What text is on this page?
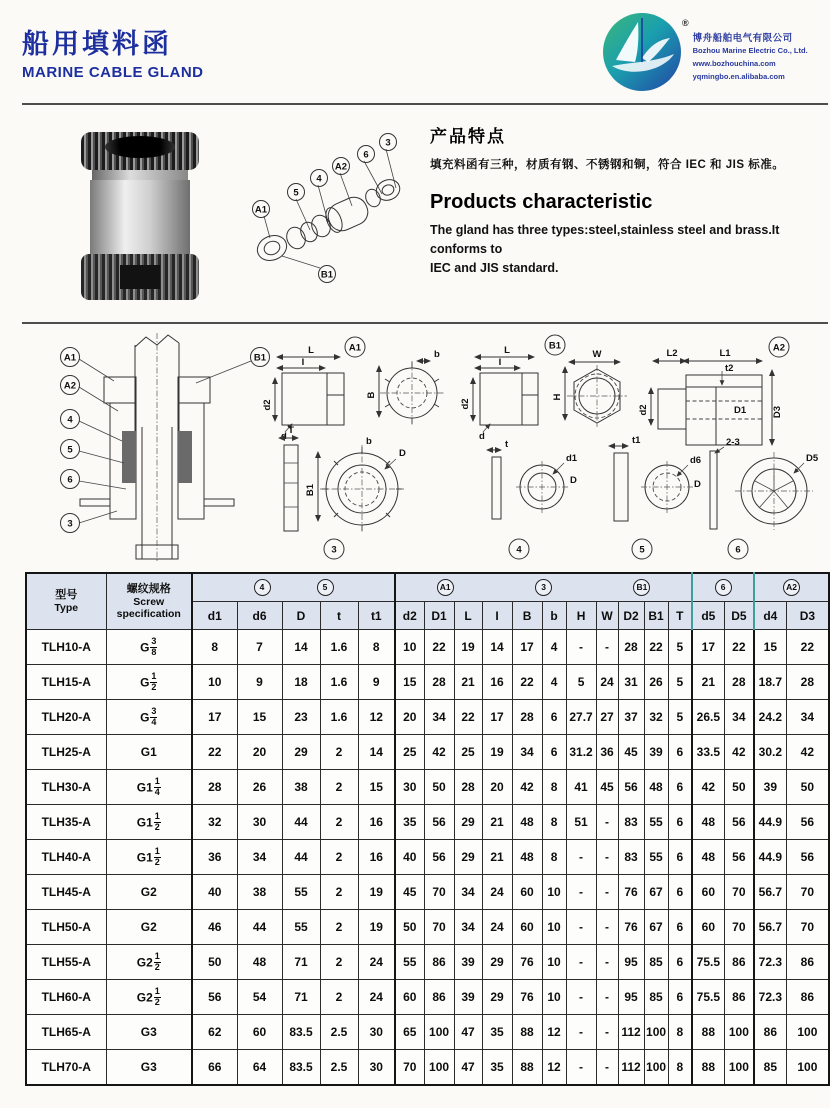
船用填料函
MARINE CABLE GLAND
®
博舟船舶电气有限公司
Bozhou Marine Electric Co., Ltd.
www.bozhouchina.com
yqmingbo.en.alibaba.com
3
6
A2
4
5
A1
B1
产品特点

填充料函有三种，材质有钢、不锈钢和铜，符合 IEC 和 JIS 标准。

Products characteristic

The gland has three types:steel,stainless steel and brass.It conforms to
IEC and JIS standard.

A1
A2
4
5
6
3
B1
A1
L
I
d2
d
b
B
T
B1
D
b
3
B1
L
I
d2
d
W
H
t
d1
D
4
t1
d6
D
5
A2
L2	L1
t2
d2	D1	D3
2-3
D5
6
型号
Type

螺纹规格
Screw
specification

4	5	A1	3	B1	6	A2

		d1	d6	D	t	t1	d2	D1	L	I	B	b	H	W	D2	B1	T	d5	D5	d4	D3
TLH10-A	G $\frac{3}{8}$	8	7	14	1.6	8	10	22	19	14	17	4	-	-	28	22	5	17	22	15	22
TLH15-A	G $\frac{1}{2}$	10	9	18	1.6	9	15	28	21	16	22	4	5	24	31	26	5	21	28	18.7	28
TLH20-A	G $\frac{3}{4}$	17	15	23	1.6	12	20	34	22	17	28	6	27.7	27	37	32	5	26.5	34	24.2	34
TLH25-A	G1	22	20	29	2	14	25	42	25	19	34	6	31.2	36	45	39	6	33.5	42	30.2	42
TLH30-A	$G1 \frac{1}{4}$	28	26	38	2	15	30	50	28	20	42	8	41	45	56	48	6	42	50	39	50
TLH35-A	$G1 \frac{1}{2}$	32	30	44	2	16	35	56	29	21	48	8	51	-	83	55	6	48	56	44.9	56
TLH40-A	$G1 \frac{1}{2}$	36	34	44	2	16	40	56	29	21	48	8	-	-	83	55	6	48	56	44.9	56
TLH45-A	G2	40	38	55	2	19	45	70	34	24	60	10	-	-	76	67	6	60	70	56.7	70
TLH50-A	G2	46	44	55	2	19	50	70	34	24	60	10	-	-	76	67	6	60	70	56.7	70
TLH55-A	$G2 \frac{1}{2}$	50	48	71	2	24	55	86	39	29	76	10	-	-	95	85	6	75.5	86	72.3	86
TLH60-A	$G2 \frac{1}{2}$	56	54	71	2	24	60	86	39	29	76	10	-	-	95	85	6	75.5	86	72.3	86
TLH65-A	G3	62	60	83.5	2.5	30	65	100	47	35	88	12	-	-	112	100	8	88	100	86	100
TLH70-A	G3	66	64	83.5	2.5	30	70	100	47	35	88	12	-	-	112	100	8	88	100	85	100
